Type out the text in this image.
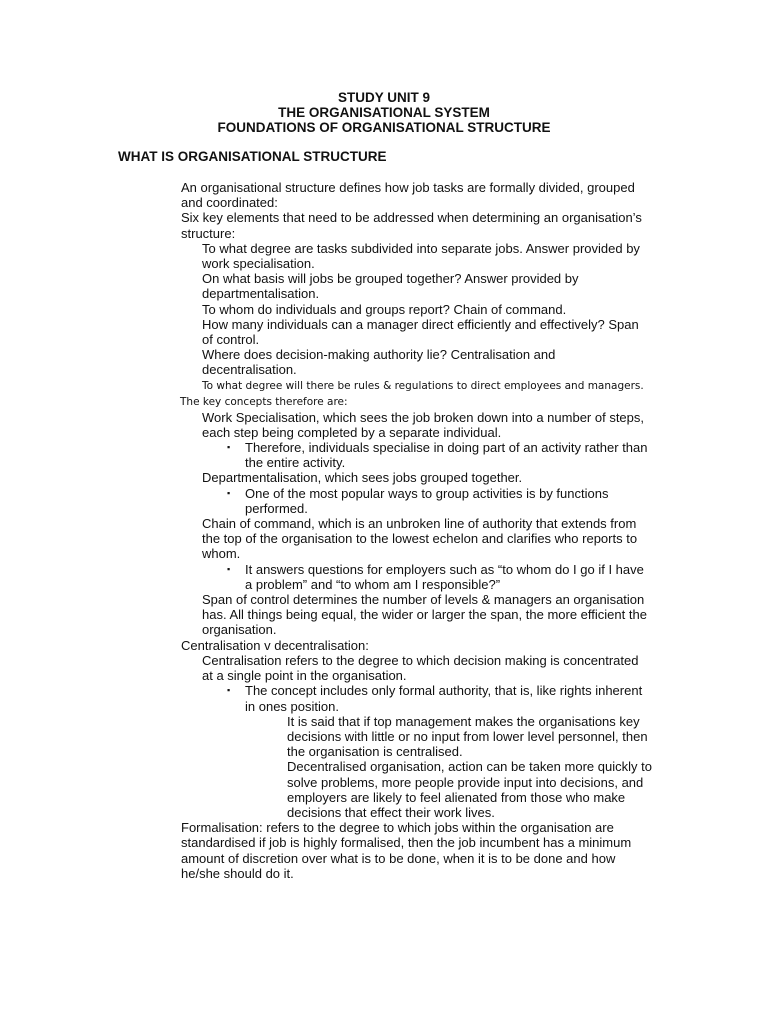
STUDY UNIT 9
THE ORGANISATIONAL SYSTEM
FOUNDATIONS OF ORGANISATIONAL STRUCTURE
WHAT IS ORGANISATIONAL STRUCTURE

An organisational structure defines how job tasks are formally divided, grouped and coordinated:

Six key elements that need to be addressed when determining an organisation’s structure:

To what degree are tasks subdivided into separate jobs. Answer provided by work specialisation.

On what basis will jobs be grouped together? Answer provided by departmentalisation.

To whom do individuals and groups report? Chain of command.

How many individuals can a manager direct efficiently and effectively? Span of control.

Where does decision-making authority lie? Centralisation and decentralisation.

To what degree will there be rules & regulations to direct employees and managers.

The key concepts therefore are:

Work Specialisation, which sees the job broken down into a number of steps, each step being completed by a separate individual.

▪ Therefore, individuals specialise in doing part of an activity rather than the entire activity.

Departmentalisation, which sees jobs grouped together.

▪ One of the most popular ways to group activities is by functions performed.

Chain of command, which is an unbroken line of authority that extends from the top of the organisation to the lowest echelon and clarifies who reports to whom.

▪ It answers questions for employers such as “to whom do I go if I have a problem” and “to whom am I responsible?”

Span of control determines the number of levels & managers an organisation has. All things being equal, the wider or larger the span, the more efficient the organisation.

Centralisation v decentralisation:

Centralisation refers to the degree to which decision making is concentrated at a single point in the organisation.

▪ The concept includes only formal authority, that is, like rights inherent in ones position.

It is said that if top management makes the organisations key decisions with little or no input from lower level personnel, then the organisation is centralised.

Decentralised organisation, action can be taken more quickly to solve problems, more people provide input into decisions, and employers are likely to feel alienated from those who make decisions that effect their work lives.

Formalisation: refers to the degree to which jobs within the organisation are standardised if job is highly formalised, then the job incumbent has a minimum amount of discretion over what is to be done, when it is to be done and how he/she should do it.
